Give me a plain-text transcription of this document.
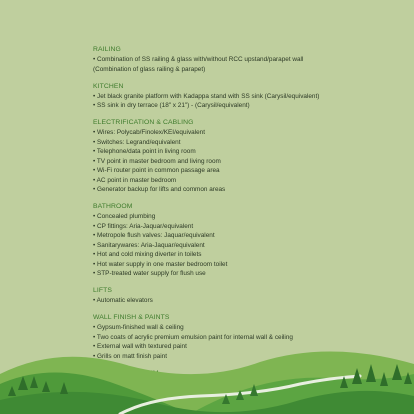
RAILING
• Combination of SS railing & glass with/without RCC upstand/parapet wall
(Combination of glass railing & parapet)
KITCHEN
• Jet black granite platform with Kadappa stand with SS sink (Carysil/equivalent)
• SS sink in dry terrace (18" x 21") - (Carysil/equivalent)
ELECTRIFICATION & CABLING
• Wires: Polycab/Finolex/KEI/equivalent
• Switches: Legrand/equivalent
• Telephone/data point in living room
• TV point in master bedroom and living room
• Wi-Fi router point in common passage area
• AC point in master bedroom
• Generator backup for lifts and common areas
BATHROOM
• Concealed plumbing
• CP fittings: Aria-Jaquar/equivalent
• Metropole flush valves: Jaquar/equivalent
• Sanitarywares: Aria-Jaquar/equivalent
• Hot and cold mixing diverter in toilets
• Hot water supply in one master bedroom toilet
• STP-treated water supply for flush use
LIFTS
• Automatic elevators
WALL FINISH & PAINTS
• Gypsum-finished wall & ceiling
• Two coats of acrylic premium emulsion paint for internal wall & ceiling
• External wall with textured paint
• Grills on matt finish paint
